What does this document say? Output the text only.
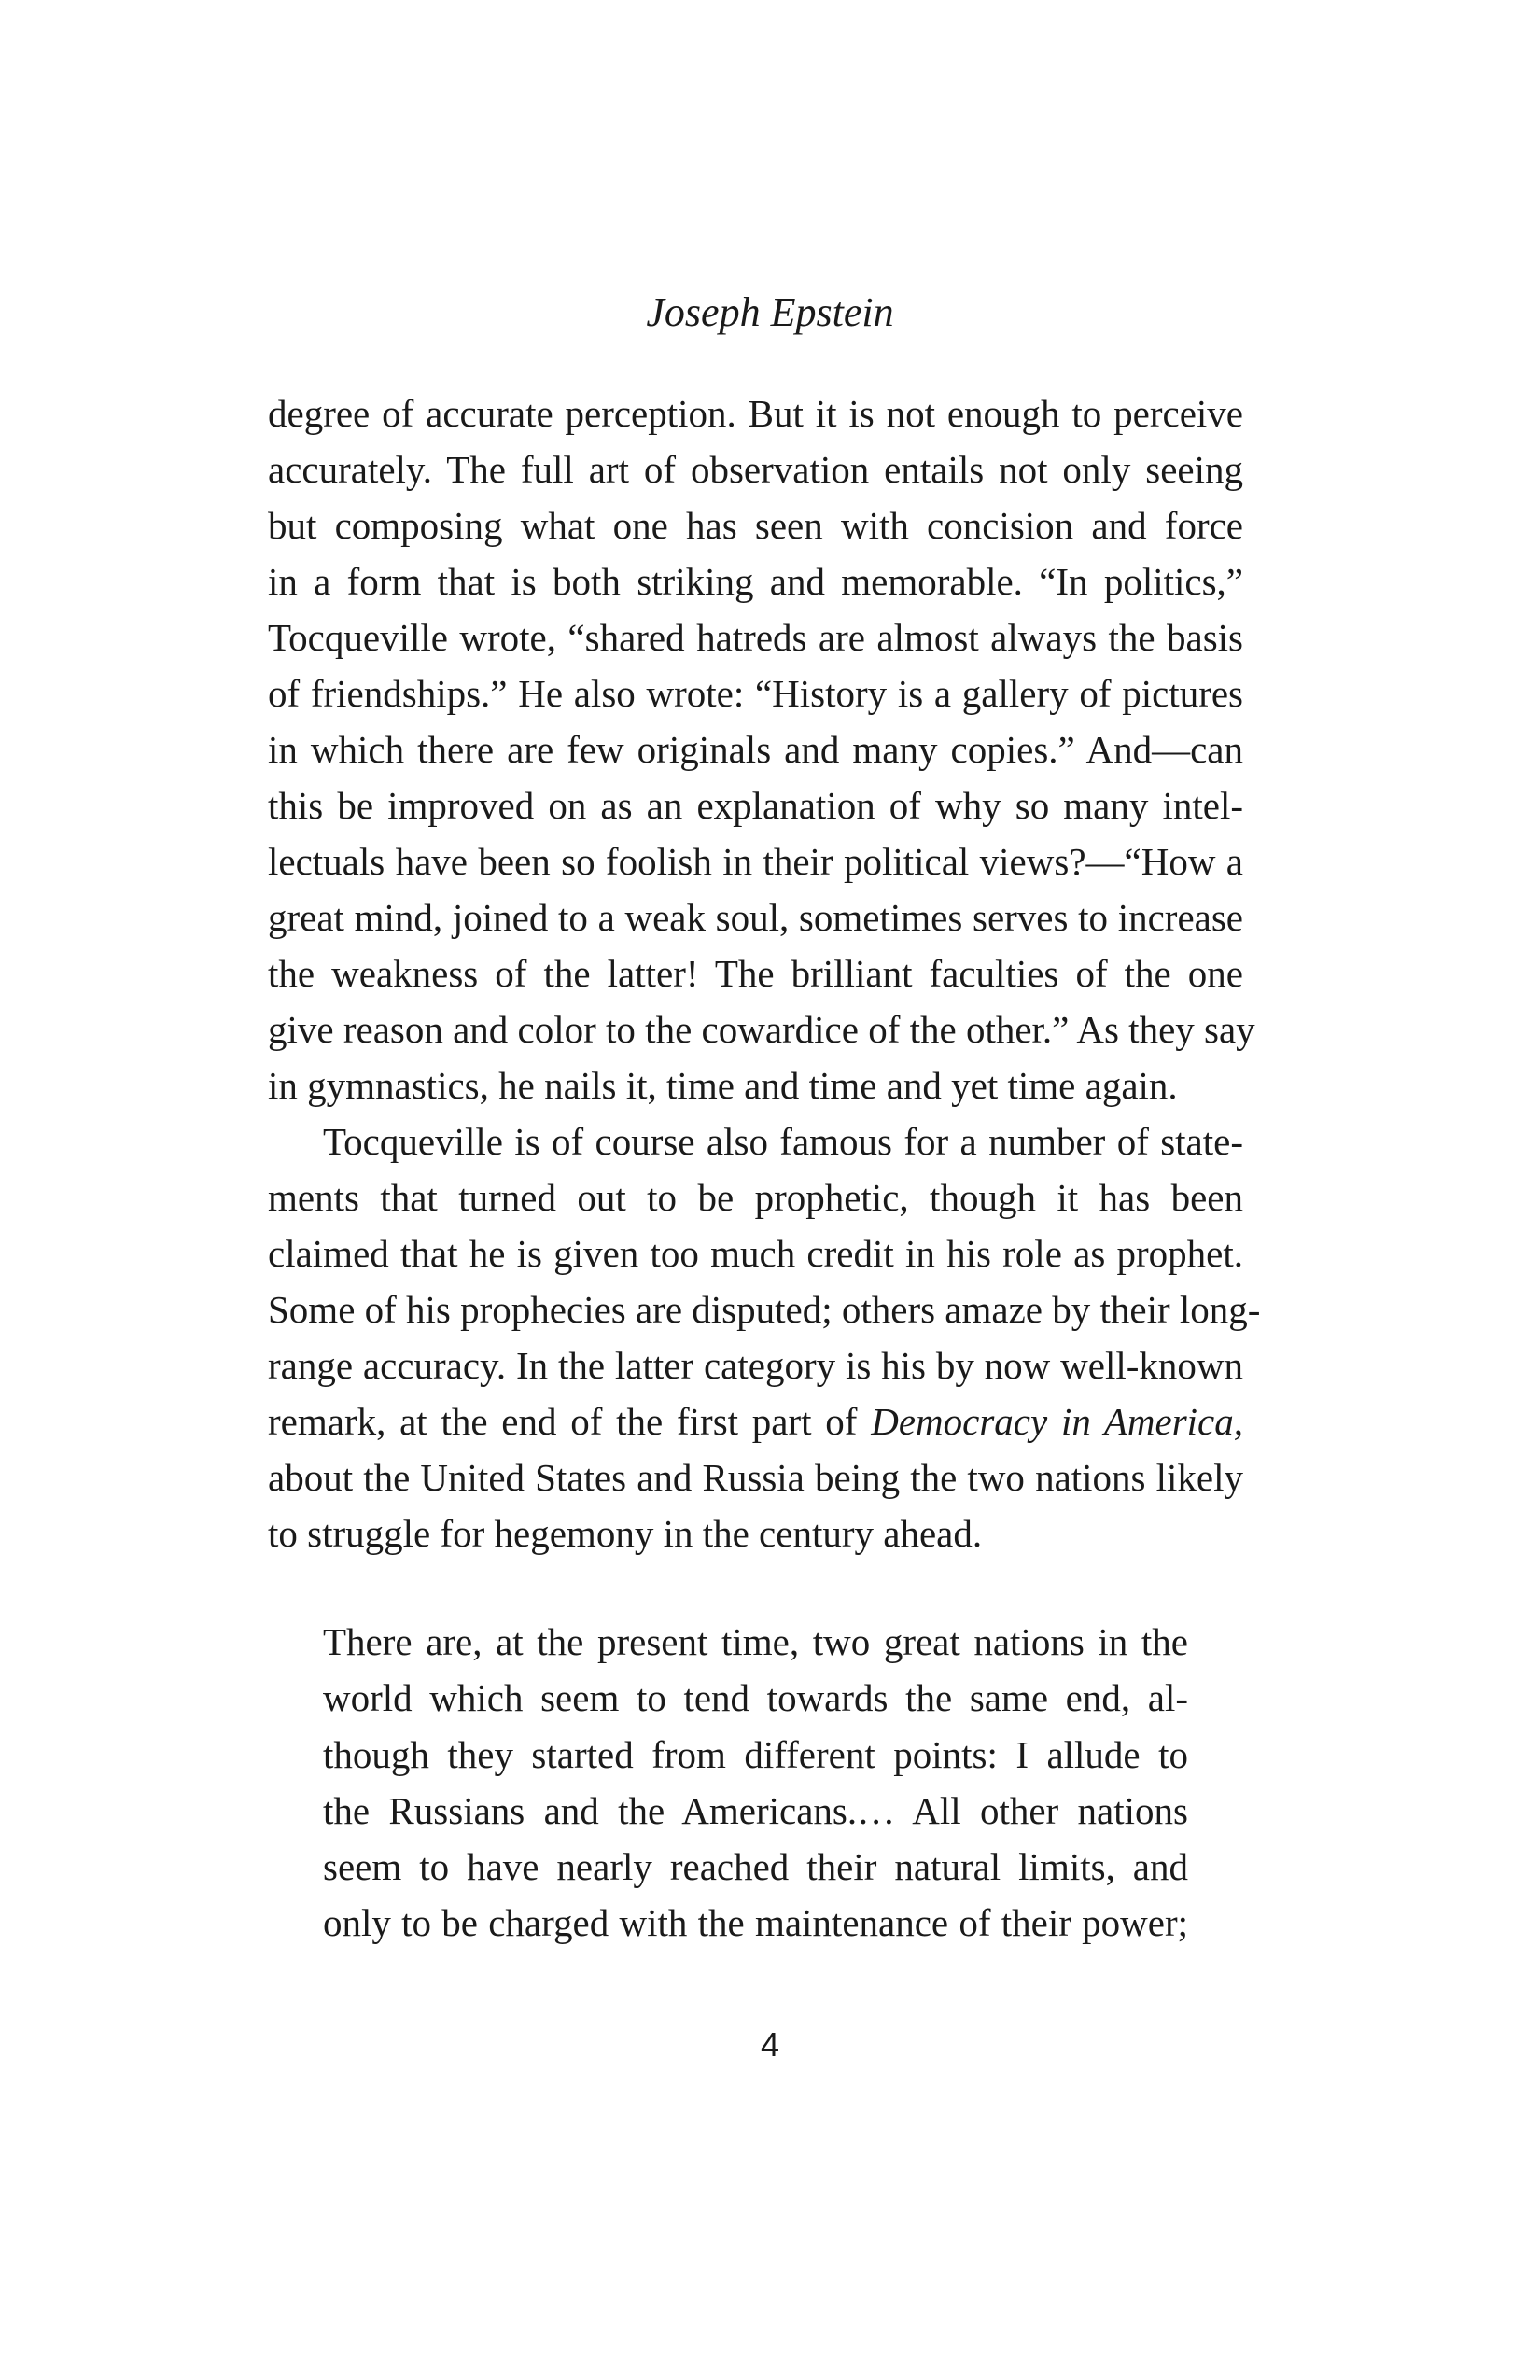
Joseph Epstein
degree of accurate perception. But it is not enough to perceive
accurately. The full art of observation entails not only seeing
but composing what one has seen with concision and force
in a form that is both striking and memorable. “In politics,”
Tocqueville wrote, “shared hatreds are almost always the basis
of friendships.” He also wrote: “History is a gallery of pictures
in which there are few originals and many copies.” And—can
this be improved on as an explanation of why so many intel-
lectuals have been so foolish in their political views?—“How a
great mind, joined to a weak soul, sometimes serves to increase
the weakness of the latter! The brilliant faculties of the one
give reason and color to the cowardice of the other.” As they say
in gymnastics, he nails it, time and time and yet time again.
Tocqueville is of course also famous for a number of state-
ments that turned out to be prophetic, though it has been
claimed that he is given too much credit in his role as prophet.
Some of his prophecies are disputed; others amaze by their long-
range accuracy. In the latter category is his by now well-known
remark, at the end of the first part of Democracy in America,
about the United States and Russia being the two nations likely
to struggle for hegemony in the century ahead.
There are, at the present time, two great nations in the
world which seem to tend towards the same end, al-
though they started from different points: I allude to
the Russians and the Americans.… All other nations
seem to have nearly reached their natural limits, and
only to be charged with the maintenance of their power;
4
